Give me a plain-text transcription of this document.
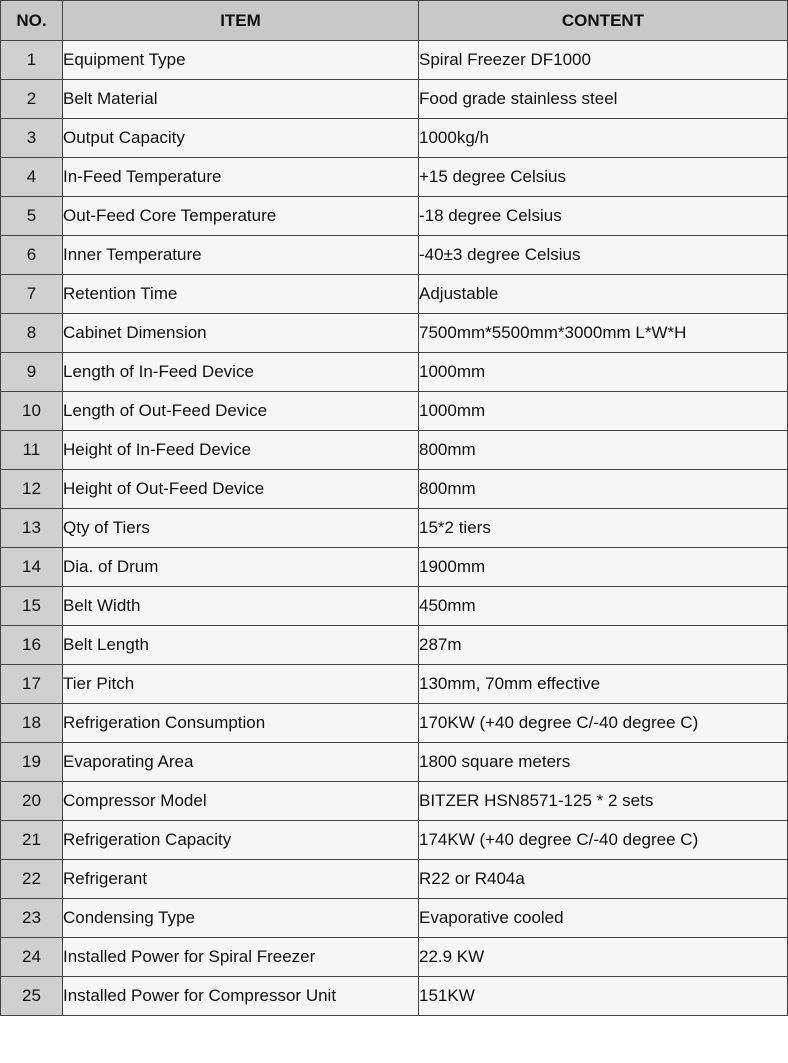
NO.	ITEM	CONTENT
1	Equipment Type	Spiral Freezer DF1000
2	Belt Material	Food grade stainless steel
3	Output Capacity	1000kg/h
4	In-Feed Temperature	+15 degree Celsius
5	Out-Feed Core Temperature	-18 degree Celsius
6	Inner Temperature	-40±3 degree Celsius
7	Retention Time	Adjustable
8	Cabinet Dimension	7500mm*5500mm*3000mm L*W*H
9	Length of In-Feed Device	1000mm
10	Length of Out-Feed Device	1000mm
11	Height of In-Feed Device	800mm
12	Height of Out-Feed Device	800mm
13	Qty of Tiers	15*2 tiers
14	Dia. of Drum	1900mm
15	Belt Width	450mm
16	Belt Length	287m
17	Tier Pitch	130mm, 70mm effective
18	Refrigeration Consumption	170KW (+40 degree C/-40 degree C)
19	Evaporating Area	1800 square meters
20	Compressor Model	BITZER HSN8571-125 * 2 sets
21	Refrigeration Capacity	174KW (+40 degree C/-40 degree C)
22	Refrigerant	R22 or R404a
23	Condensing Type	Evaporative cooled
24	Installed Power for Spiral Freezer	22.9 KW
25	Installed Power for Compressor Unit	151KW
